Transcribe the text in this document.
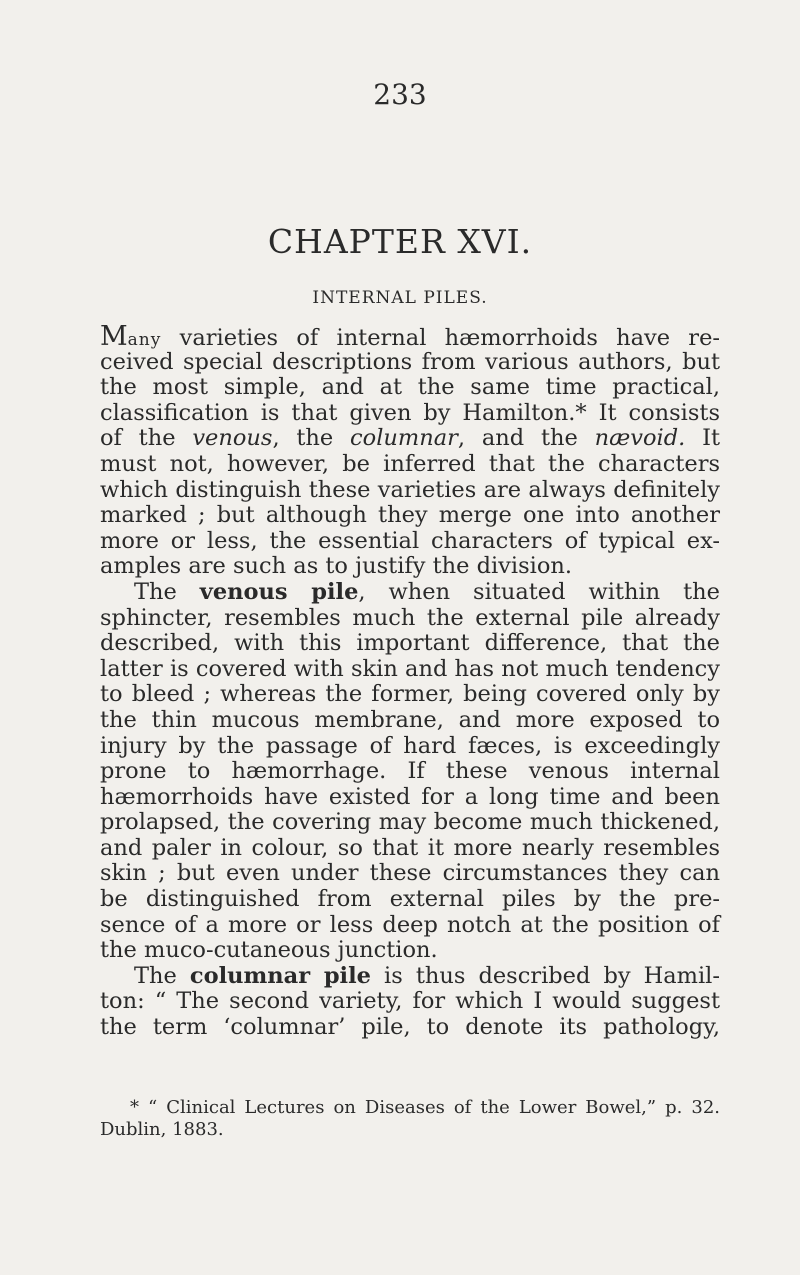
233
CHAPTER XVI.
INTERNAL PILES.
Many varieties of internal hæmorrhoids have re-
ceived special descriptions from various authors, but
the most simple, and at the same time practical,
classification is that given by Hamilton.* It consists
of the venous, the columnar, and the nævoid. It
must not, however, be inferred that the characters
which distinguish these varieties are always definitely
marked ; but although they merge one into another
more or less, the essential characters of typical ex-
amples are such as to justify the division.
The venous pile, when situated within the
sphincter, resembles much the external pile already
described, with this important difference, that the
latter is covered with skin and has not much tendency
to bleed ; whereas the former, being covered only by
the thin mucous membrane, and more exposed to
injury by the passage of hard fæces, is exceedingly
prone to hæmorrhage. If these venous internal
hæmorrhoids have existed for a long time and been
prolapsed, the covering may become much thickened,
and paler in colour, so that it more nearly resembles
skin ; but even under these circumstances they can
be distinguished from external piles by the pre-
sence of a more or less deep notch at the position of
the muco-cutaneous junction.
The columnar pile is thus described by Hamil-
ton: “ The second variety, for which I would suggest
the term ‘columnar’ pile, to denote its pathology,
* “ Clinical Lectures on Diseases of the Lower Bowel,” p. 32.
Dublin, 1883.
